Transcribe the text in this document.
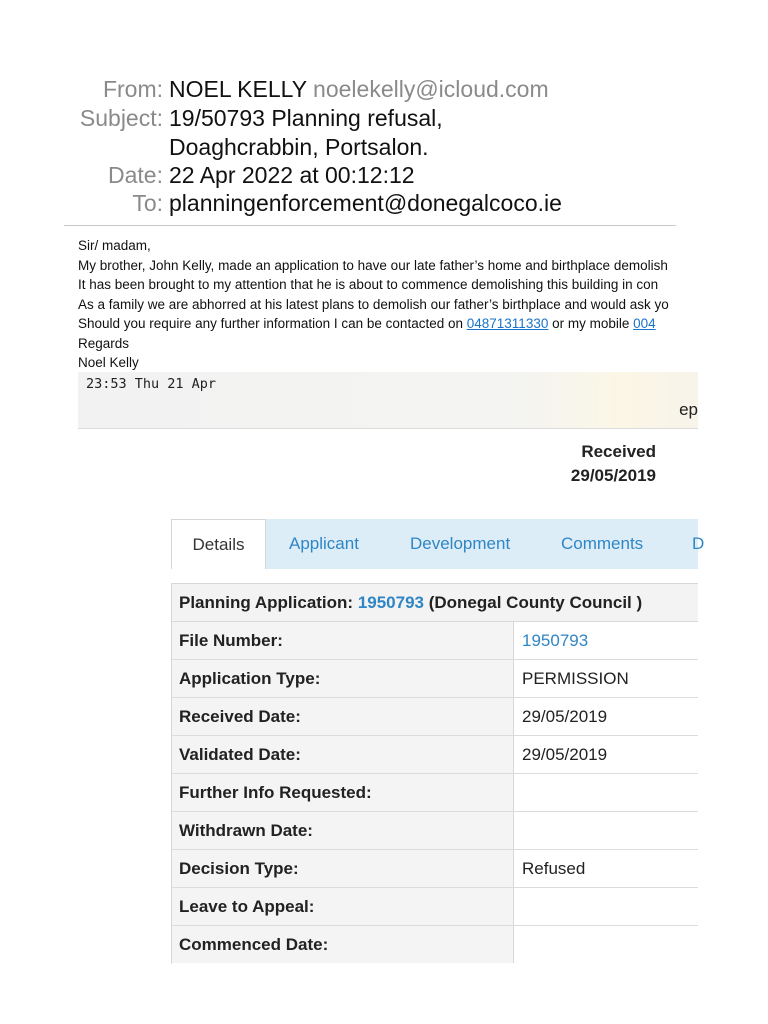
From: NOEL KELLY noelekelly@icloud.com
Subject: 19/50793 Planning refusal,
Doaghcrabbin, Portsalon.
Date: 22 Apr 2022 at 00:12:12
To: planningenforcement@donegalcoco.ie
Sir/ madam,
My brother, John Kelly, made an application to have our late father’s home and birthplace demolish
It has been brought to my attention that he is about to commence demolishing this building in con
As a family we are abhorred at his latest plans to demolish our father’s birthplace and would ask yo
Should you require any further information I can be contacted on 04871311330 or my mobile 004
Regards
Noel Kelly
23:53 Thu 21 Apr
ep
Received
29/05/2019
Details	Applicant	Development	Comments	D
Planning Application: 1950793 (Donegal County Council )
File Number:	1950793
Application Type:	PERMISSION
Received Date:	29/05/2019
Validated Date:	29/05/2019
Further Info Requested:
Withdrawn Date:
Decision Type:	Refused
Leave to Appeal:
Commenced Date:
